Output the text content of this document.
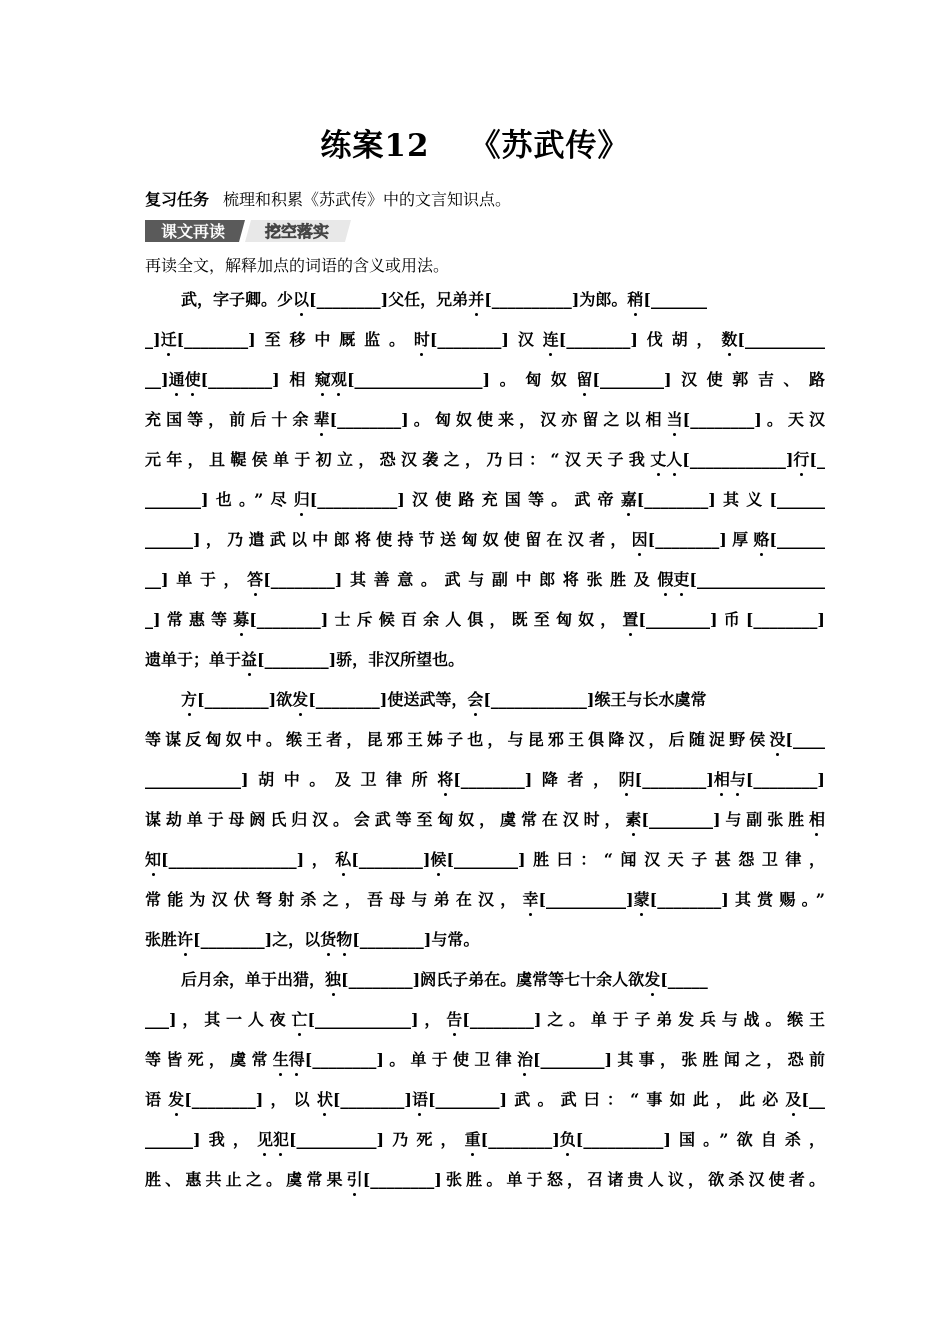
练案12 《苏武传》
复习任务 梳理和积累《苏武传》中的文言知识点。
课文再读 挖空落实
再读全文，解释加点的词语的含义或用法。
武，字子卿。少以[________]父任，兄弟并[__________]为郎。稍[_______
_]迁[________]至移中厩监。时[________]汉连[________]伐胡，数[__________
__]通使[________]相窥观[________________]。匈奴留[________]汉使郭吉、路
充国等，前后十余辈[________]。匈奴使来，汉亦留之以相当[________]。天汉
元年，且鞮侯单于初立，恐汉袭之，乃曰：“汉天子我丈人[____________]行[_
_______]也。”尽归[__________]汉使路充国等。武帝嘉[________]其义[______
______]，乃遣武以中郎将使持节送匈奴使留在汉者，因[________]厚赂[______
__]单于，答[________]其善意。武与副中郎将张胜及假吏[________________
_]常惠等募[________]士斥候百余人俱，既至匈奴，置[________]币[________]
遗单于；单于益[________]骄，非汉所望也。
方[________]欲发[________]使送武等，会[____________]缑王与长水虞常
等谋反匈奴中。缑王者，昆邪王姊子也，与昆邪王俱降汉，后随浞野侯没[____
____________]胡中。及卫律所将[________]降者，阴[________]相与[________]
谋劫单于母阏氏归汉。会武等至匈奴，虞常在汉时，素[________]与副张胜相
知[________________]，私[________]候[________]胜曰：“闻汉天子甚怨卫律，
常能为汉伏弩射杀之，吾母与弟在汉，幸[__________]蒙[________]其赏赐。”
张胜许[________]之，以货物[________]与常。
后月余，单于出猎，独[________]阏氏子弟在。虞常等七十余人欲发[_____
___]，其一人夜亡[____________]，告[________]之。单于子弟发兵与战。缑王
等皆死，虞常生得[________]。单于使卫律治[________]其事，张胜闻之，恐前
语发[________]，以状[________]语[________]武。武曰：“事如此，此必及[__
______]我，见犯[__________]乃死，重[________]负[__________]国。”欲自杀，
胜、惠共止之。虞常果引[________]张胜。单于怒，召诸贵人议，欲杀汉使者。
